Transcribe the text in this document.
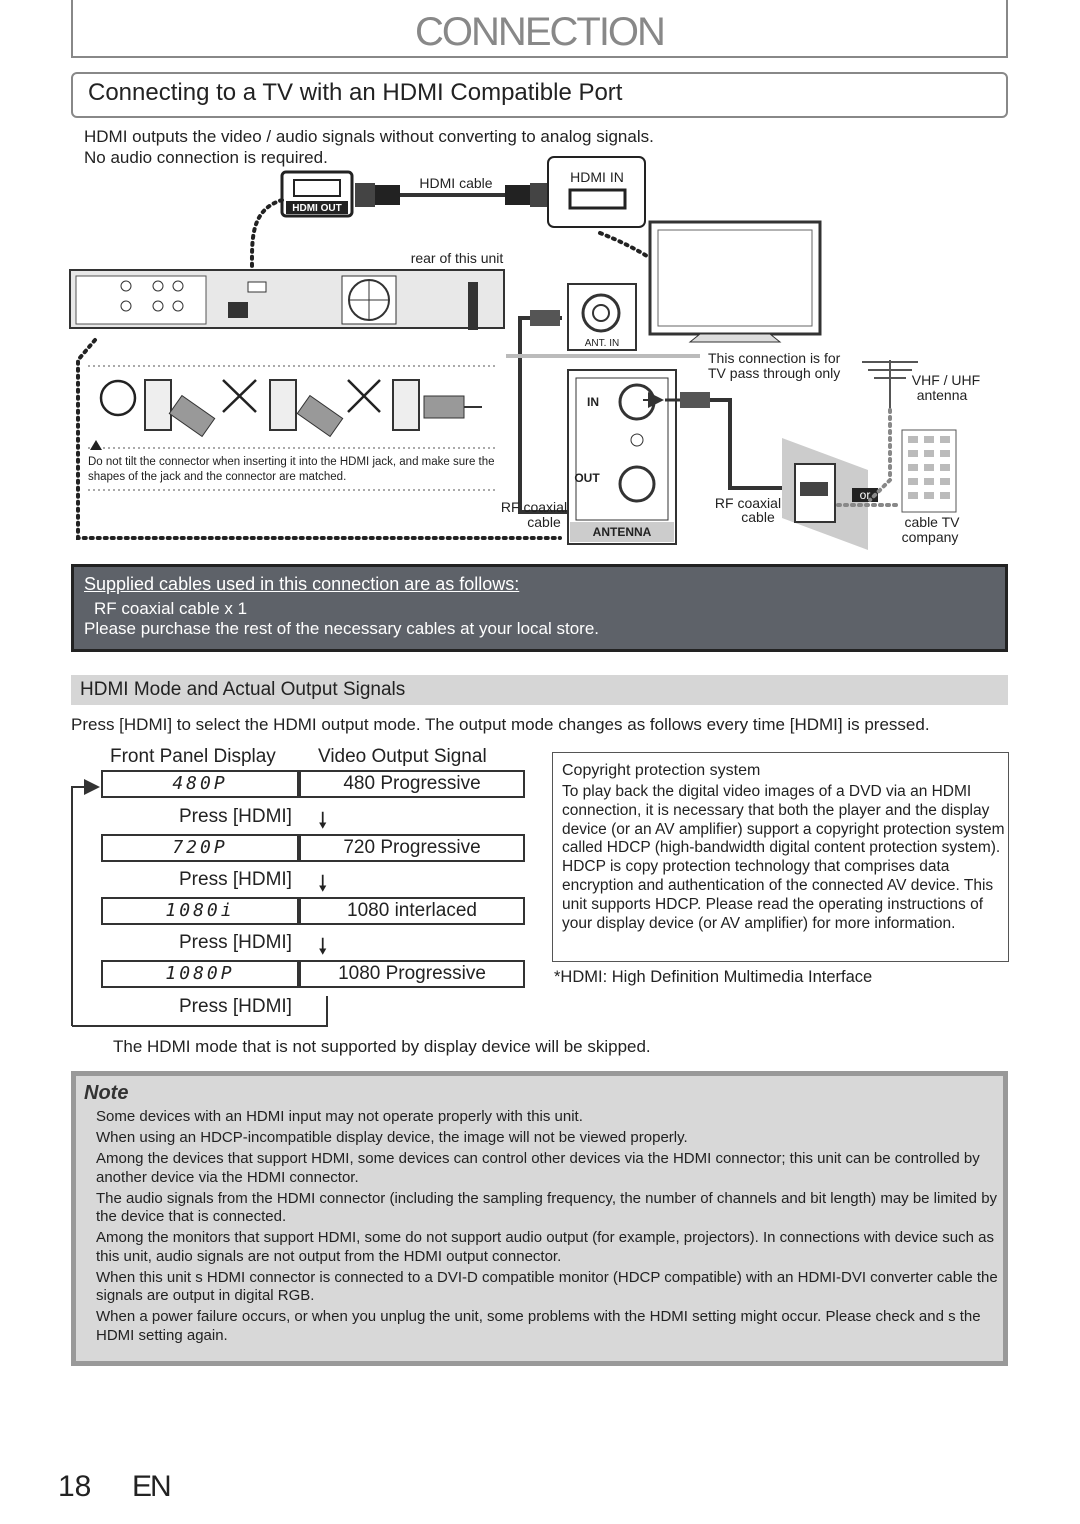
CONNECTION
Connecting to a TV with an HDMI Compatible Port
HDMI outputs the video / audio signals without converting to analog signals.
No audio connection is required.
HDMI OUT
HDMI cable	HDMI IN
rear of this unit
ANT. IN
Do not tilt the connector when inserting it into the HDMI jack, and make sure the
shapes of the jack and the connector are matched.
IN
OUT
ANTENNA
RF coaxial
cable
RF coaxial
cable
or
cable TV
company
This connection is for
TV pass through only	VHF / UHF
antenna
Supplied cables used in this connection are as follows:
RF coaxial cable x 1
Please purchase the rest of the necessary cables at your local store.
HDMI Mode and Actual Output Signals
Press [HDMI] to select the HDMI output mode. The output mode changes as follows every time [HDMI] is pressed.
Front Panel Display Video Output Signal
480P	480 Progressive
Press [HDMI] 🠗
720P	720 Progressive
Press [HDMI] 🠗
1080i	1080 interlaced
Press [HDMI] 🠗
1080P	1080 Progressive
Press [HDMI]
Copyright protection system
To play back the digital video images of a DVD via an HDMI connection, it is necessary that both the player and the display device (or an AV amplifier) support a copyright protection system called HDCP (high-bandwidth digital content protection system). HDCP is copy protection technology that comprises data encryption and authentication of the connected AV device. This unit supports HDCP. Please read the operating instructions of your display device (or AV amplifier) for more information.
*HDMI: High Definition Multimedia Interface
The HDMI mode that is not supported by display device will be skipped.
Note
Some devices with an HDMI input may not operate properly with this unit.
When using an HDCP-incompatible display device, the image will not be viewed properly.
Among the devices that support HDMI, some devices can control other devices via the HDMI connector; this unit can be controlled by another device via the HDMI connector.
The audio signals from the HDMI connector (including the sampling frequency, the number of channels and bit length) may be limited by the device that is connected.
Among the monitors that support HDMI, some do not support audio output (for example, projectors). In connections with device such as this unit, audio signals are not output from the HDMI output connector.
When this unit s HDMI connector is connected to a DVI-D compatible monitor (HDCP compatible) with an HDMI-DVI converter cable the signals are output in digital RGB.
When a power failure occurs, or when you unplug the unit, some problems with the HDMI setting might occur. Please check and s the HDMI setting again.
18 EN
